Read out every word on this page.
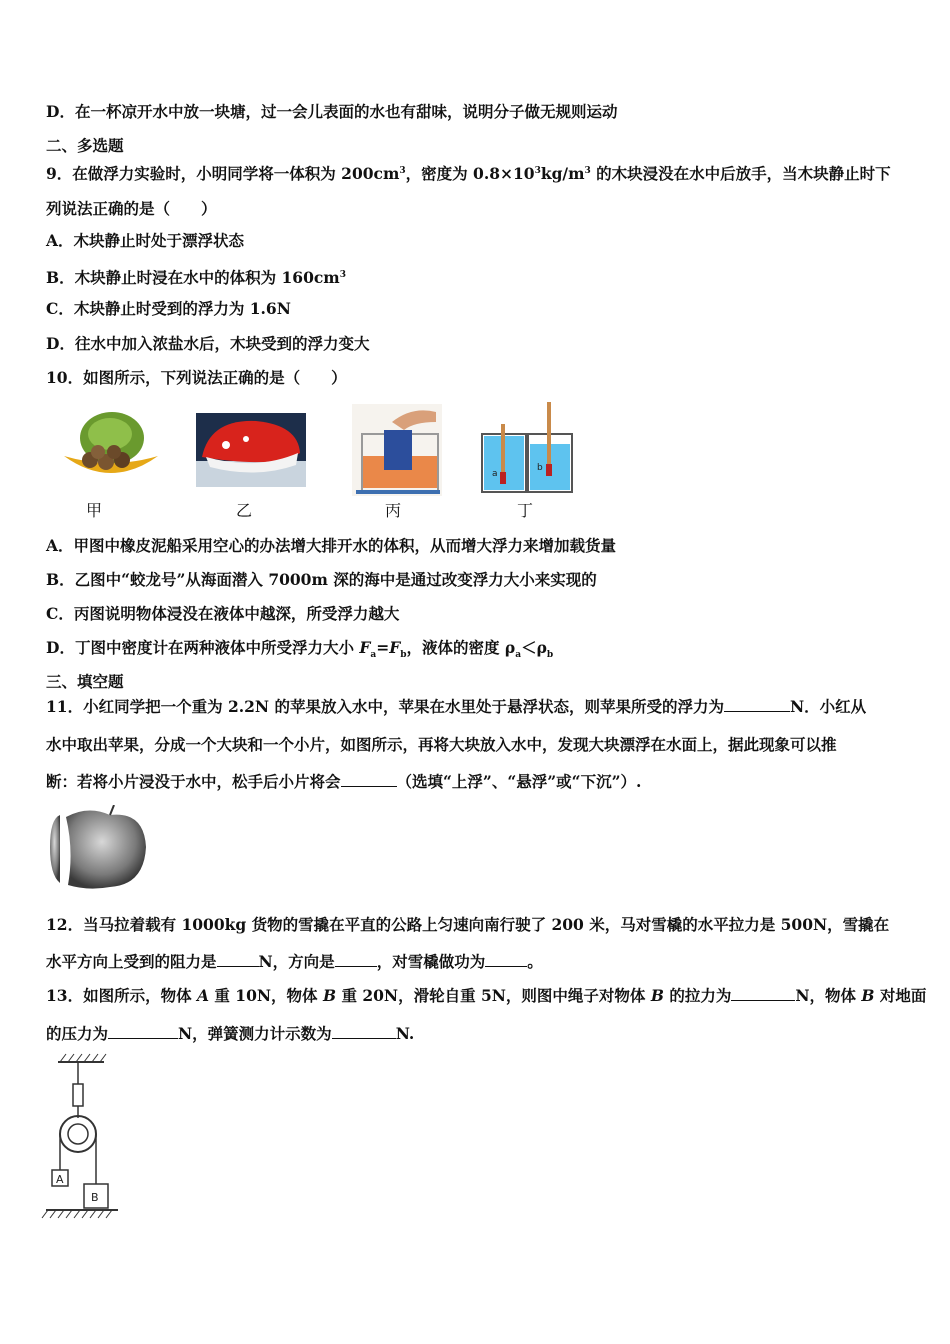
D．在一杯凉开水中放一块塘，过一会儿表面的水也有甜味，说明分子做无规则运动
二、多选题
9．在做浮力实验时，小明同学将一体积为 $200cm^3$，密度为 $0.8\times 10^3kg/m^3$ 的木块浸没在水中后放手，当木块静止时下
列说法正确的是（　　）
A．木块静止时处于漂浮状态
B．木块静止时浸在水中的体积为 $160cm^3$
C．木块静止时受到的浮力为 1.6N
D．往水中加入浓盐水后，木块受到的浮力变大
10．如图所示，下列说法正确的是（　　）
甲	乙	丙
a
b
丁
A．甲图中橡皮泥船采用空心的办法增大排开水的体积，从而增大浮力来增加载货量
B．乙图中“蛟龙号”从海面潜入 7000m 深的海中是通过改变浮力大小来实现的
C．丙图说明物体浸没在液体中越深，所受浮力越大
D．丁图中密度计在两种液体中所受浮力大小 $F_a=F_b$，液体的密度 $\rho_a<\rho_b$
三、填空题
11．小红同学把一个重为 2.2N 的苹果放入水中，苹果在水里处于悬浮状态，则苹果所受的浮力为	N．小红从
水中取出苹果，分成一个大块和一个小片，如图所示，再将大块放入水中，发现大块漂浮在水面上，据此现象可以推
断：若将小片浸没于水中，松手后小片将会	（选填“上浮”、“悬浮”或“下沉”）.
12．当马拉着载有 1000kg 货物的雪撬在平直的公路上匀速向南行驶了 200 米，马对雪橇的水平拉力是 500N，雪撬在
水平方向上受到的阻力是	N，方向是	，对雪橇做功为	。
13．如图所示，物体 A 重 10N，物体 B 重 20N，滑轮自重 5N，则图中绳子对物体 B 的拉力为	N，物体 B 对地面
的压力为	N，弹簧测力计示数为	N.
A
B
